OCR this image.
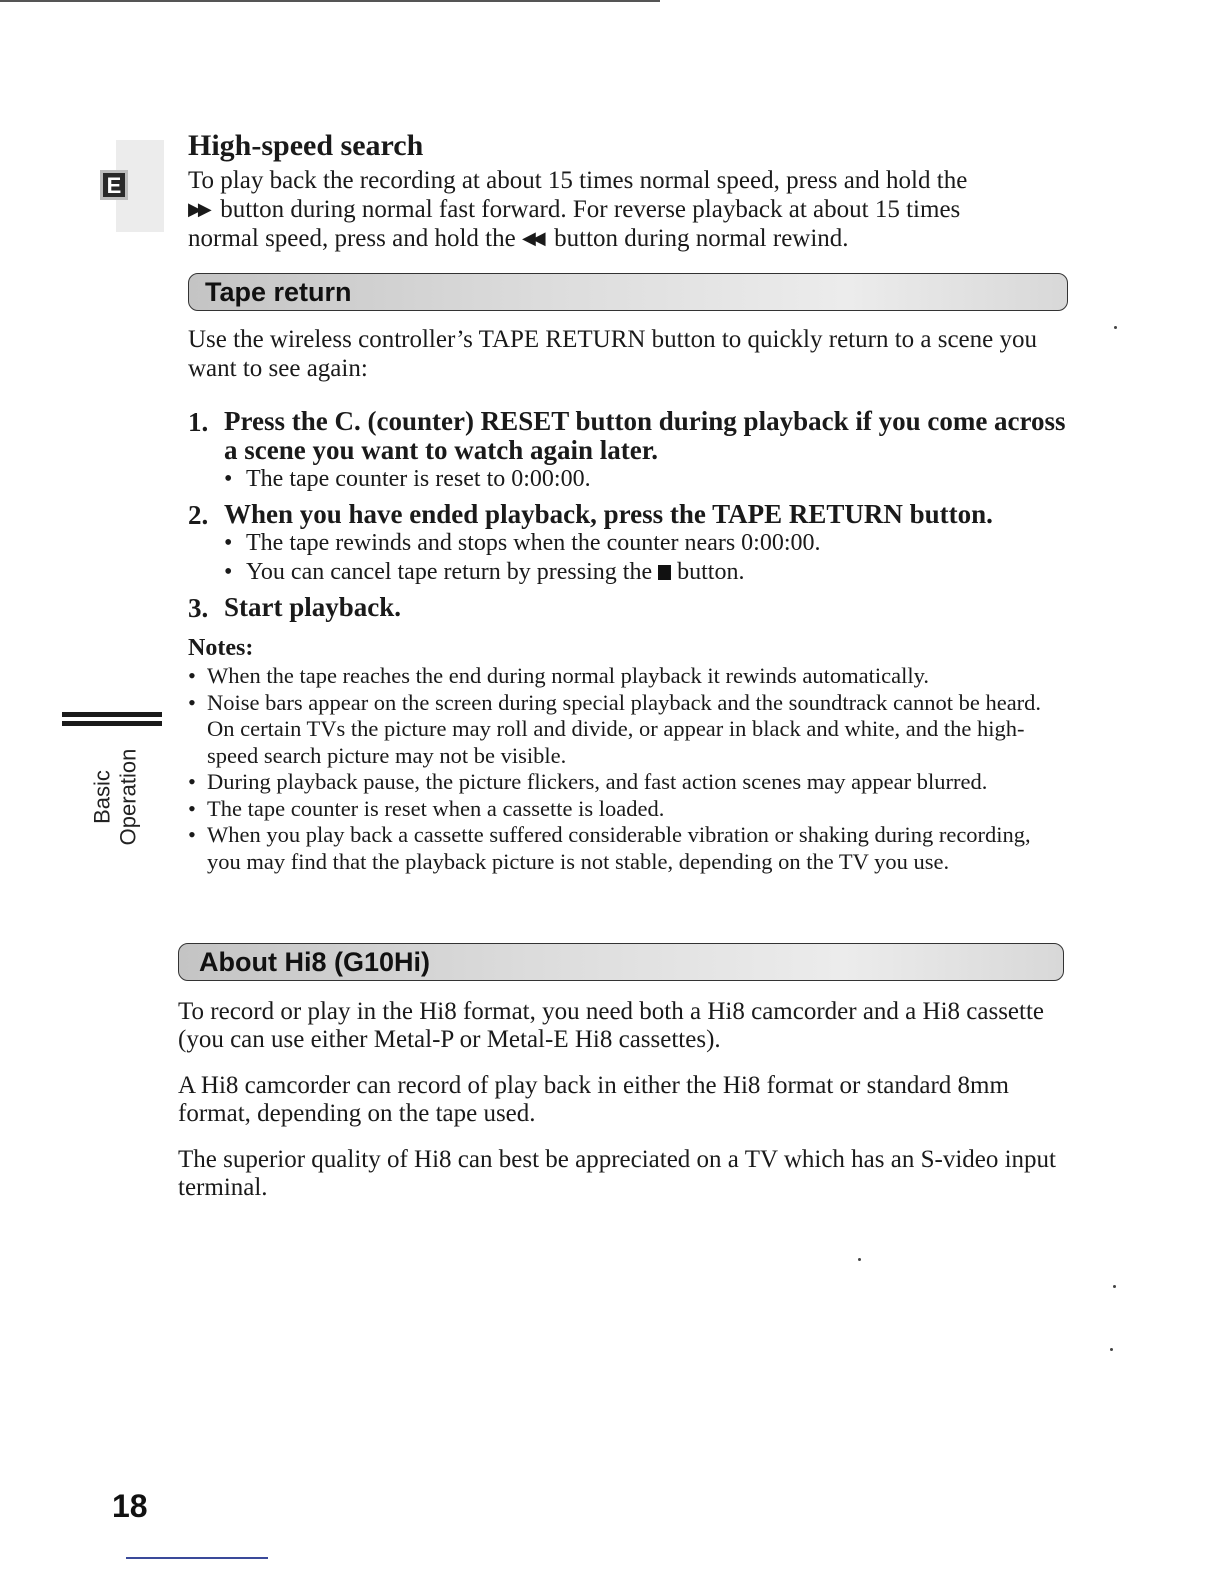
E
Basic Operation
High-speed search

To play back the recording at about 15 times normal speed, press and hold the

▶▶ button during normal fast forward. For reverse playback at about 15 times

normal speed, press and hold the ◀◀ button during normal rewind.

Tape return

Use the wireless controller’s TAPE RETURN button to quickly return to a scene you want to see again:

1. Press the C. (counter) RESET button during playback if you come across a scene you want to watch again later.
• The tape counter is reset to 0:00:00.
2. When you have ended playback, press the TAPE RETURN button.
• The tape rewinds and stops when the counter nears 0:00:00.
• You can cancel tape return by pressing the button.
3. Start playback.
Notes:
• When the tape reaches the end during normal playback it rewinds automatically.
• Noise bars appear on the screen during special playback and the soundtrack cannot be heard. On certain TVs the picture may roll and divide, or appear in black and white, and the high-speed search picture may not be visible.
• During playback pause, the picture flickers, and fast action scenes may appear blurred.
• The tape counter is reset when a cassette is loaded.
• When you play back a cassette suffered considerable vibration or shaking during recording, you may find that the playback picture is not stable, depending on the TV you use.
About Hi8 (G10Hi)

To record or play in the Hi8 format, you need both a Hi8 camcorder and a Hi8 cassette (you can use either Metal-P or Metal-E Hi8 cassettes).

A Hi8 camcorder can record of play back in either the Hi8 format or standard 8mm format, depending on the tape used.

The superior quality of Hi8 can best be appreciated on a TV which has an S-video input terminal.

18
